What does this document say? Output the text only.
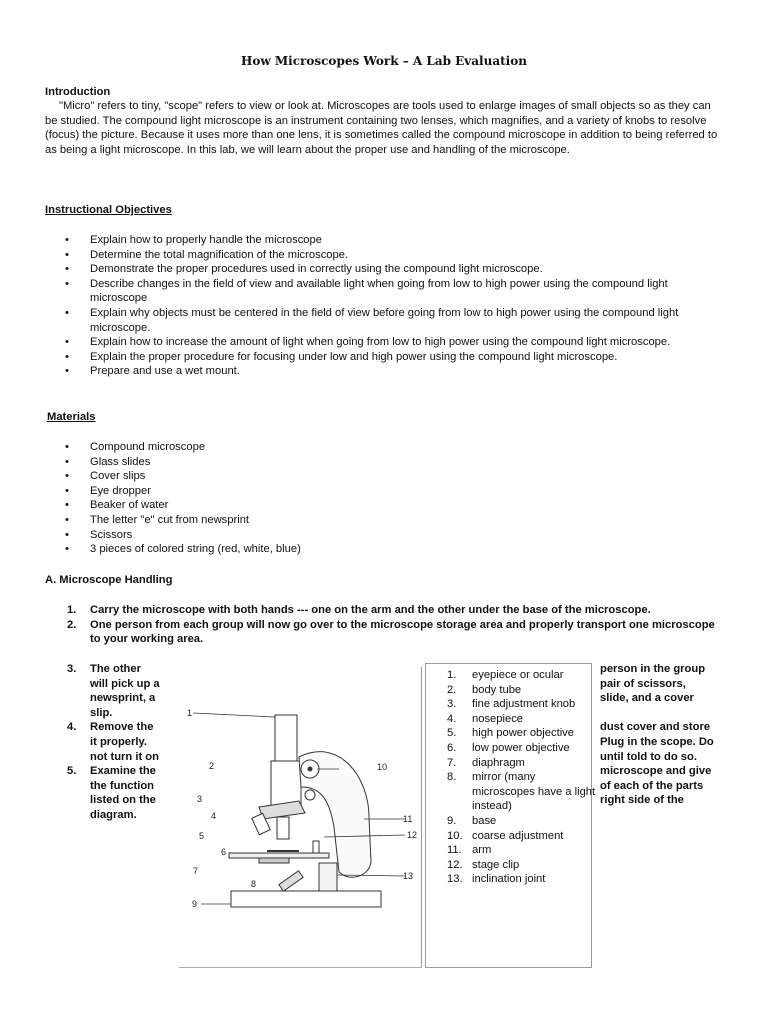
How Microscopes Work – A Lab Evaluation
Introduction

"Micro" refers to tiny, "scope" refers to view or look at. Microscopes are tools used to enlarge images of small objects so as they can be studied. The compound light microscope is an instrument containing two lenses, which magnifies, and a variety of knobs to resolve (focus) the picture. Because it uses more than one lens, it is sometimes called the compound microscope in addition to being referred to as being a light microscope. In this lab, we will learn about the proper use and handling of the microscope.

Instructional Objectives
• Explain how to properly handle the microscope
• Determine the total magnification of the microscope.
• Demonstrate the proper procedures used in correctly using the compound light microscope.
• Describe changes in the field of view and available light when going from low to high power using the compound light microscope
• Explain why objects must be centered in the field of view before going from low to high power using the compound light microscope.
• Explain how to increase the amount of light when going from low to high power using the compound light microscope.
• Explain the proper procedure for focusing under low and high power using the compound light microscope.
• Prepare and use a wet mount.
Materials
• Compound microscope
• Glass slides
• Cover slips
• Eye dropper
• Beaker of water
• The letter "e" cut from newsprint
• Scissors
• 3 pieces of colored string (red, white, blue)
A. Microscope Handling
1. Carry the microscope with both hands --- one on the arm and the other under the base of the microscope.
2. One person from each group will now go over to the microscope storage area and properly transport one microscope to your working area.
3. The other
will pick up a
newsprint, a
slip.
4. Remove the
it properly.
not turn it on
5. Examine the
the function
listed on the
diagram.
1
2
3
4
5
6
7
8
9
10
11
12
13
1. eyepiece or ocular
2. body tube
3. fine adjustment knob
4. nosepiece
5. high power objective
6. low power objective
7. diaphragm
8. mirror (many microscopes have a light instead)
9. base
10. coarse adjustment
11. arm
12. stage clip
13. inclination joint
person in the group
pair of scissors,
slide, and a cover
dust cover and store
Plug in the scope. Do
until told to do so.
microscope and give
of each of the parts
right side of the
